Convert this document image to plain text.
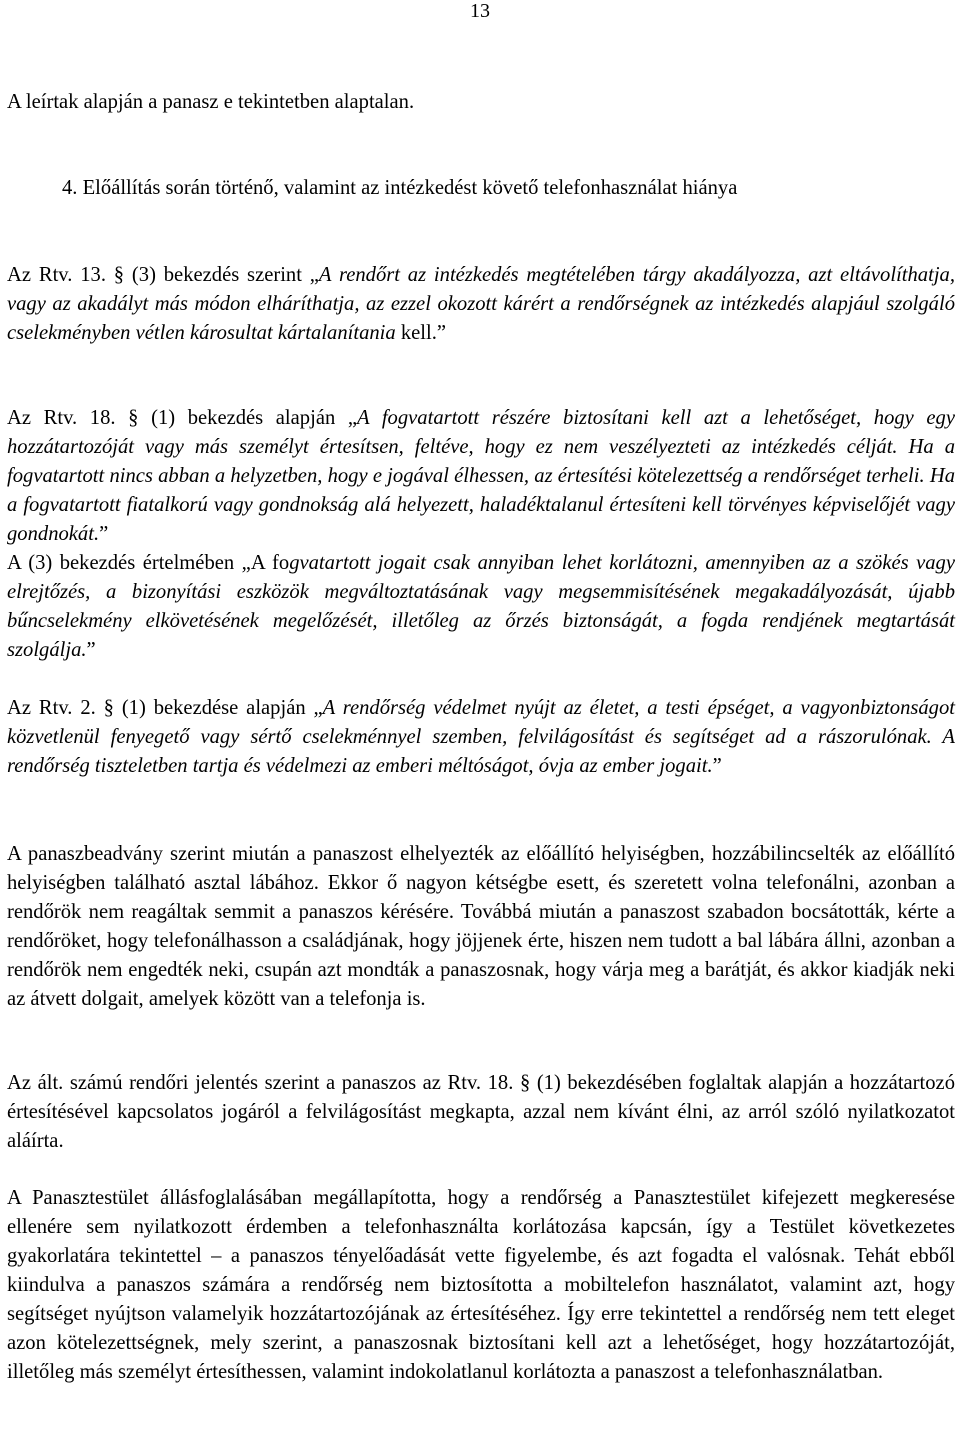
13

A leírtak alapján a panasz e tekintetben alaptalan.

4. Előállítás során történő, valamint az intézkedést követő telefonhasználat hiánya

Az Rtv. 13. § (3) bekezdés szerint „A rendőrt az intézkedés megtételében tárgy akadályozza, azt eltávolíthatja, vagy az akadályt más módon elháríthatja, az ezzel okozott kárért a rendőrségnek az intézkedés alapjául szolgáló cselekményben vétlen károsultat kártalanítania kell.”

Az Rtv. 18. § (1) bekezdés alapján „A fogvatartott részére biztosítani kell azt a lehetőséget, hogy egy hozzátartozóját vagy más személyt értesítsen, feltéve, hogy ez nem veszélyezteti az intézkedés célját. Ha a fogvatartott nincs abban a helyzetben, hogy e jogával élhessen, az értesítési kötelezettség a rendőrséget terheli. Ha a fogvatartott fiatalkorú vagy gondnokság alá helyezett, haladéktalanul értesíteni kell törvényes képviselőjét vagy gondnokát.”
A (3) bekezdés értelmében „A fogvatartott jogait csak annyiban lehet korlátozni, amennyiben az a szökés vagy elrejtőzés, a bizonyítási eszközök megváltoztatásának vagy megsemmisítésének megakadályozását, újabb bűncselekmény elkövetésének megelőzését, illetőleg az őrzés biztonságát, a fogda rendjének megtartását szolgálja.”

Az Rtv. 2. § (1) bekezdése alapján „A rendőrség védelmet nyújt az életet, a testi épséget, a vagyonbiztonságot közvetlenül fenyegető vagy sértő cselekménnyel szemben, felvilágosítást és segítséget ad a rászorulónak. A rendőrség tiszteletben tartja és védelmezi az emberi méltóságot, óvja az ember jogait.”

A panaszbeadvány szerint miután a panaszost elhelyezték az előállító helyiségben, hozzábilincselték az előállító helyiségben található asztal lábához. Ekkor ő nagyon kétségbe esett, és szeretett volna telefonálni, azonban a rendőrök nem reagáltak semmit a panaszos kérésére. Továbbá miután a panaszost szabadon bocsátották, kérte a rendőröket, hogy telefonálhasson a családjának, hogy jöjjenek érte, hiszen nem tudott a bal lábára állni, azonban a rendőrök nem engedték neki, csupán azt mondták a panaszosnak, hogy várja meg a barátját, és akkor kiadják neki az átvett dolgait, amelyek között van a telefonja is.

Az ált. számú rendőri jelentés szerint a panaszos az Rtv. 18. § (1) bekezdésében foglaltak alapján a hozzátartozó értesítésével kapcsolatos jogáról a felvilágosítást megkapta, azzal nem kívánt élni, az arról szóló nyilatkozatot aláírta.

A Panasztestület állásfoglalásában megállapította, hogy a rendőrség a Panasztestület kifejezett megkeresése ellenére sem nyilatkozott érdemben a telefonhasználta korlátozása kapcsán, így a Testület következetes gyakorlatára tekintettel – a panaszos tényelőadását vette figyelembe, és azt fogadta el valósnak. Tehát ebből kiindulva a panaszos számára a rendőrség nem biztosította a mobiltelefon használatot, valamint azt, hogy segítséget nyújtson valamelyik hozzátartozójának az értesítéséhez. Így erre tekintettel a rendőrség nem tett eleget azon kötelezettségnek, mely szerint, a panaszosnak biztosítani kell azt a lehetőséget, hogy hozzátartozóját, illetőleg más személyt értesíthessen, valamint indokolatlanul korlátozta a panaszost a telefonhasználatban.
